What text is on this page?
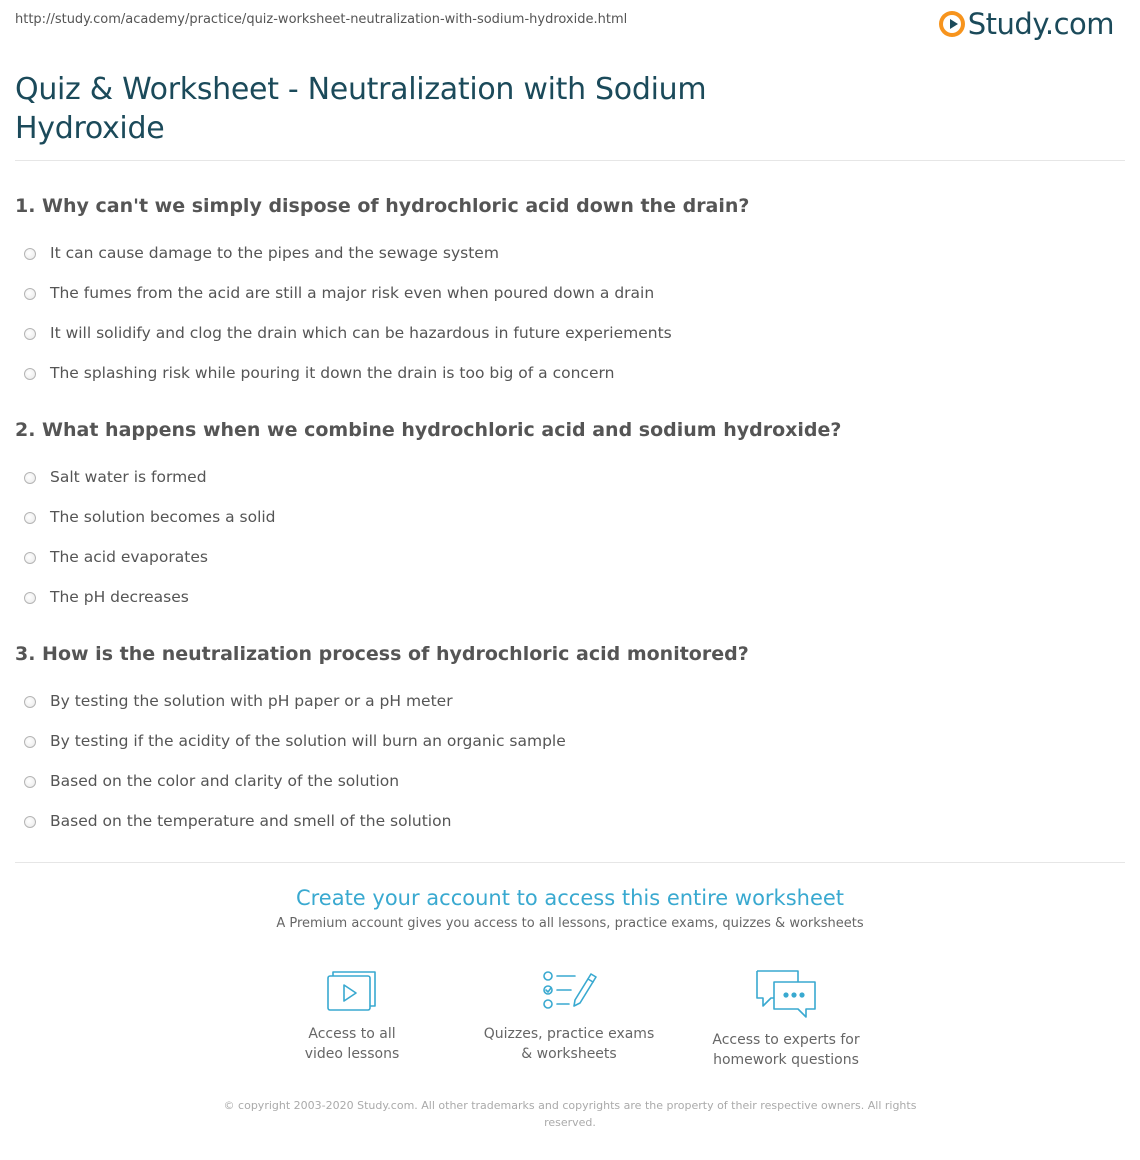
http://study.com/academy/practice/quiz-worksheet-neutralization-with-sodium-hydroxide.html	Study.com
Quiz & Worksheet - Neutralization with Sodium Hydroxide
1. Why can't we simply dispose of hydrochloric acid down the drain?
It can cause damage to the pipes and the sewage system
The fumes from the acid are still a major risk even when poured down a drain
It will solidify and clog the drain which can be hazardous in future experiements
The splashing risk while pouring it down the drain is too big of a concern
2. What happens when we combine hydrochloric acid and sodium hydroxide?
Salt water is formed
The solution becomes a solid
The acid evaporates
The pH decreases
3. How is the neutralization process of hydrochloric acid monitored?
By testing the solution with pH paper or a pH meter
By testing if the acidity of the solution will burn an organic sample
Based on the color and clarity of the solution
Based on the temperature and smell of the solution
Create your account to access this entire worksheet
A Premium account gives you access to all lessons, practice exams, quizzes & worksheets
Access to all
video lessons
Quizzes, practice exams
& worksheets
Access to experts for
homework questions
© copyright 2003-2020 Study.com. All other trademarks and copyrights are the property of their respective owners. All rights
reserved.
